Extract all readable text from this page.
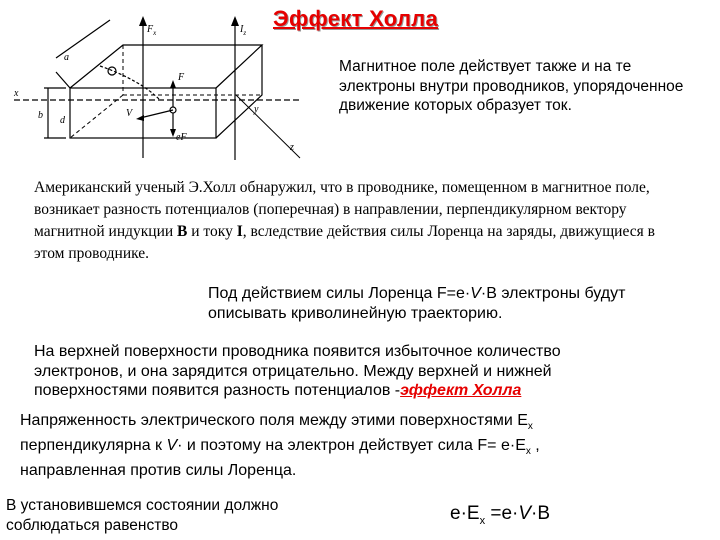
$F_x$	$I_z$
a
b d
F
V
eF
y
z
x
Эффект Холла
Магнитное поле действует также и на те электроны внутри проводников, упорядоченное движение которых образует ток.
Американский ученый Э.Холл обнаружил, что в проводнике, помещенном в магнитное поле, возникает разность потенциалов (поперечная) в направлении, перпендикулярном вектору магнитной индукции B и току I, вследствие действия силы Лоренца на заряды, движущиеся в этом проводнике.
Под действием силы Лоренца F=e·V·B электроны будут описывать криволинейную траекторию.
На верхней поверхности проводника появится избыточное количество электронов, и она зарядится отрицательно. Между верхней и нижней поверхностями появится разность потенциалов -эффект Холла
Напряженность электрического поля между этими поверхностями $E_x$
перпендикулярна к V· и поэтому на электрон действует сила $F= e\cdot E_x$ ,
направленная против силы Лоренца.
В установившемся состоянии должно соблюдаться равенство
$e\cdot E_x =e\cdot V\cdot B$
